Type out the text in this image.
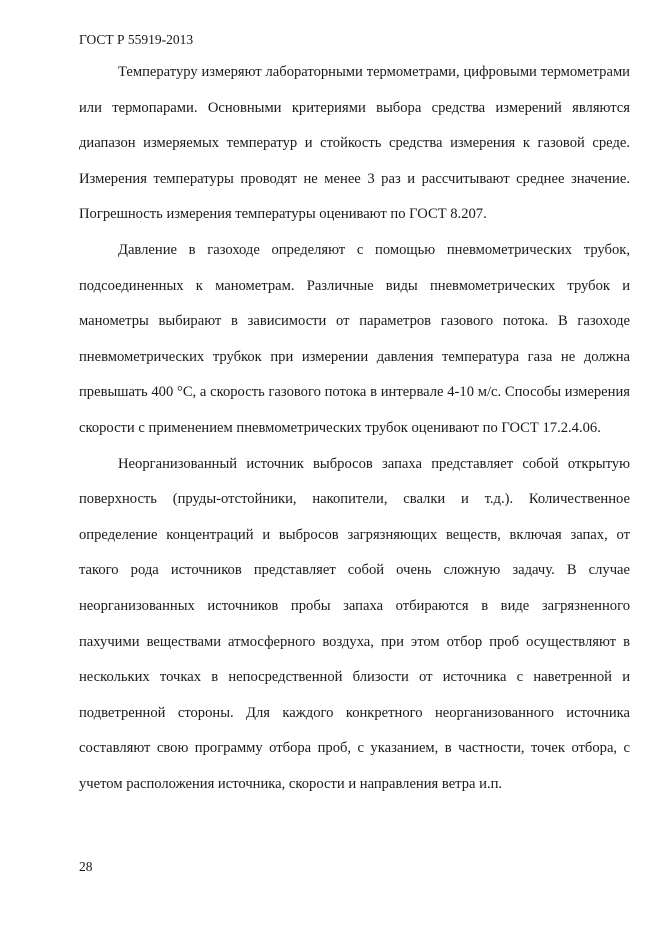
ГОСТ Р 55919-2013

Температуру измеряют лабораторными термометрами, цифровыми термометрами или термопарами. Основными критериями выбора средства измерений являются диапазон измеряемых температур и стойкость средства измерения к газовой среде. Измерения температуры проводят не менее 3 раз и рассчитывают среднее значение. Погрешность измерения температуры оценивают по ГОСТ 8.207.

Давление в газоходе определяют с помощью пневмометрических трубок, подсоединенных к манометрам. Различные виды пневмометрических трубок и манометры выбирают в зависимости от параметров газового потока. В газоходе пневмометрических трубкок при измерении давления температура газа не должна превышать 400 °С, а скорость газового потока в интервале 4-10 м/с. Способы измерения скорости с применением пневмометрических трубок оценивают по ГОСТ 17.2.4.06.

Неорганизованный источник выбросов запаха представляет собой открытую поверхность (пруды-отстойники, накопители, свалки и т.д.). Количественное определение концентраций и выбросов загрязняющих веществ, включая запах, от такого рода источников представляет собой очень сложную задачу. В случае неорганизованных источников пробы запаха отбираются в виде загрязненного пахучими веществами атмосферного воздуха, при этом отбор проб осуществляют в нескольких точках в непосредственной близости от источника с наветренной и подветренной стороны. Для каждого конкретного неорганизованного источника составляют свою программу отбора проб, с указанием, в частности, точек отбора, с учетом расположения источника, скорости и направления ветра и.п.

28
